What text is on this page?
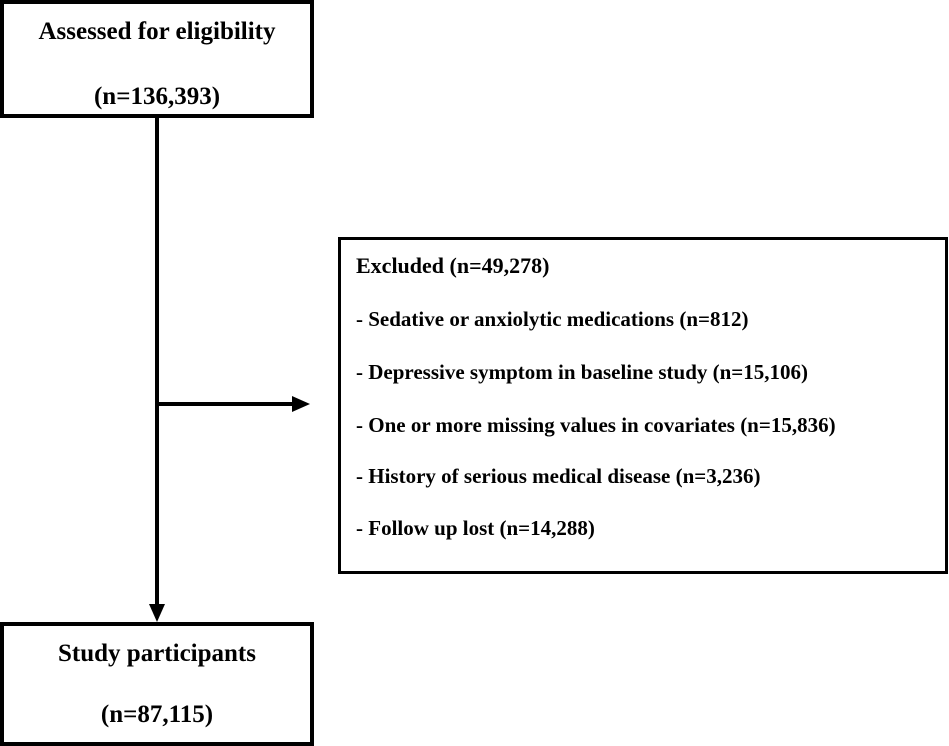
Assessed for eligibility
(n=136,393)
Excluded (n=49,278)
- Sedative or anxiolytic medications (n=812)
- Depressive symptom in baseline study (n=15,106)
- One or more missing values in covariates (n=15,836)
- History of serious medical disease (n=3,236)
- Follow up lost (n=14,288)
Study participants
(n=87,115)
